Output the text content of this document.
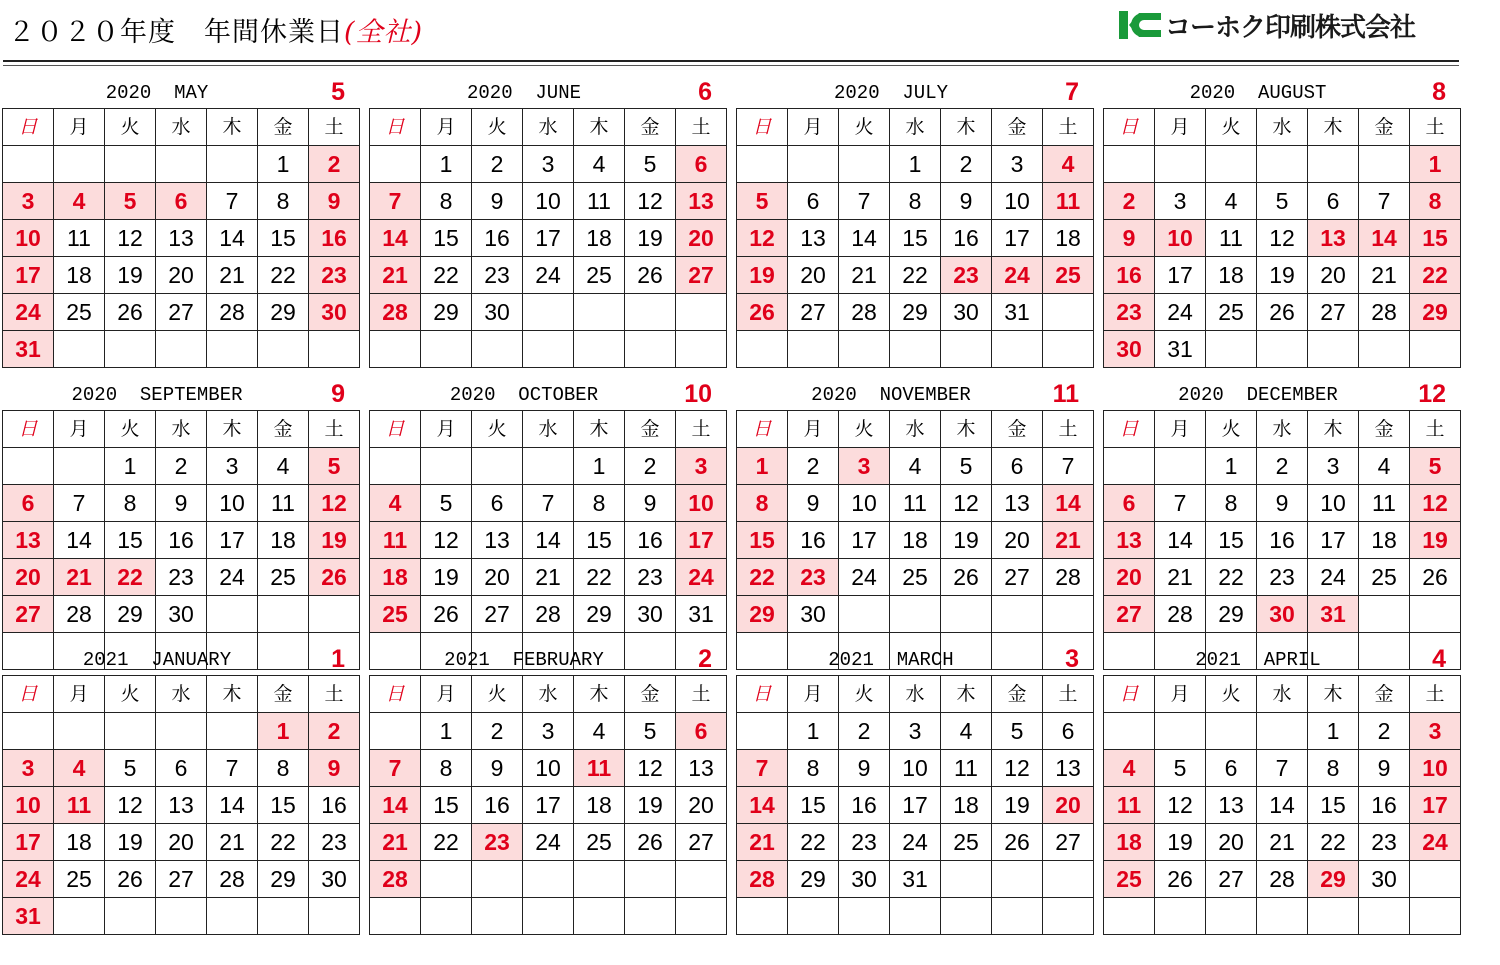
２０２０年度　年間休業日(全社)	コーホク印刷株式会社
2020  MAY	5
日	月	火	水	木	金	土
					1	2
3	4	5	6	7	8	9
10	11	12	13	14	15	16
17	18	19	20	21	22	23
24	25	26	27	28	29	30
31						
2020  JUNE	6
日	月	火	水	木	金	土
	1	2	3	4	5	6
7	8	9	10	11	12	13
14	15	16	17	18	19	20
21	22	23	24	25	26	27
28	29	30				

2020  JULY	7
日	月	火	水	木	金	土
			1	2	3	4
5	6	7	8	9	10	11
12	13	14	15	16	17	18
19	20	21	22	23	24	25
26	27	28	29	30	31	

2020  AUGUST	8
日	月	火	水	木	金	土
						1
2	3	4	5	6	7	8
9	10	11	12	13	14	15
16	17	18	19	20	21	22
23	24	25	26	27	28	29
30	31					
2020  SEPTEMBER	9
日	月	火	水	木	金	土
		1	2	3	4	5
6	7	8	9	10	11	12
13	14	15	16	17	18	19
20	21	22	23	24	25	26
27	28	29	30			

2020  OCTOBER	10
日	月	火	水	木	金	土
				1	2	3
4	5	6	7	8	9	10
11	12	13	14	15	16	17
18	19	20	21	22	23	24
25	26	27	28	29	30	31

2020  NOVEMBER	11
日	月	火	水	木	金	土
1	2	3	4	5	6	7
8	9	10	11	12	13	14
15	16	17	18	19	20	21
22	23	24	25	26	27	28
29	30					

2020  DECEMBER	12
日	月	火	水	木	金	土
		1	2	3	4	5
6	7	8	9	10	11	12
13	14	15	16	17	18	19
20	21	22	23	24	25	26
27	28	29	30	31		

2021  JANUARY	1
日	月	火	水	木	金	土
					1	2
3	4	5	6	7	8	9
10	11	12	13	14	15	16
17	18	19	20	21	22	23
24	25	26	27	28	29	30
31						
2021  FEBRUARY	2
日	月	火	水	木	金	土
	1	2	3	4	5	6
7	8	9	10	11	12	13
14	15	16	17	18	19	20
21	22	23	24	25	26	27
28						

2021  MARCH	3
日	月	火	水	木	金	土
	1	2	3	4	5	6
7	8	9	10	11	12	13
14	15	16	17	18	19	20
21	22	23	24	25	26	27
28	29	30	31			

2021  APRIL	4
日	月	火	水	木	金	土
				1	2	3
4	5	6	7	8	9	10
11	12	13	14	15	16	17
18	19	20	21	22	23	24
25	26	27	28	29	30	
